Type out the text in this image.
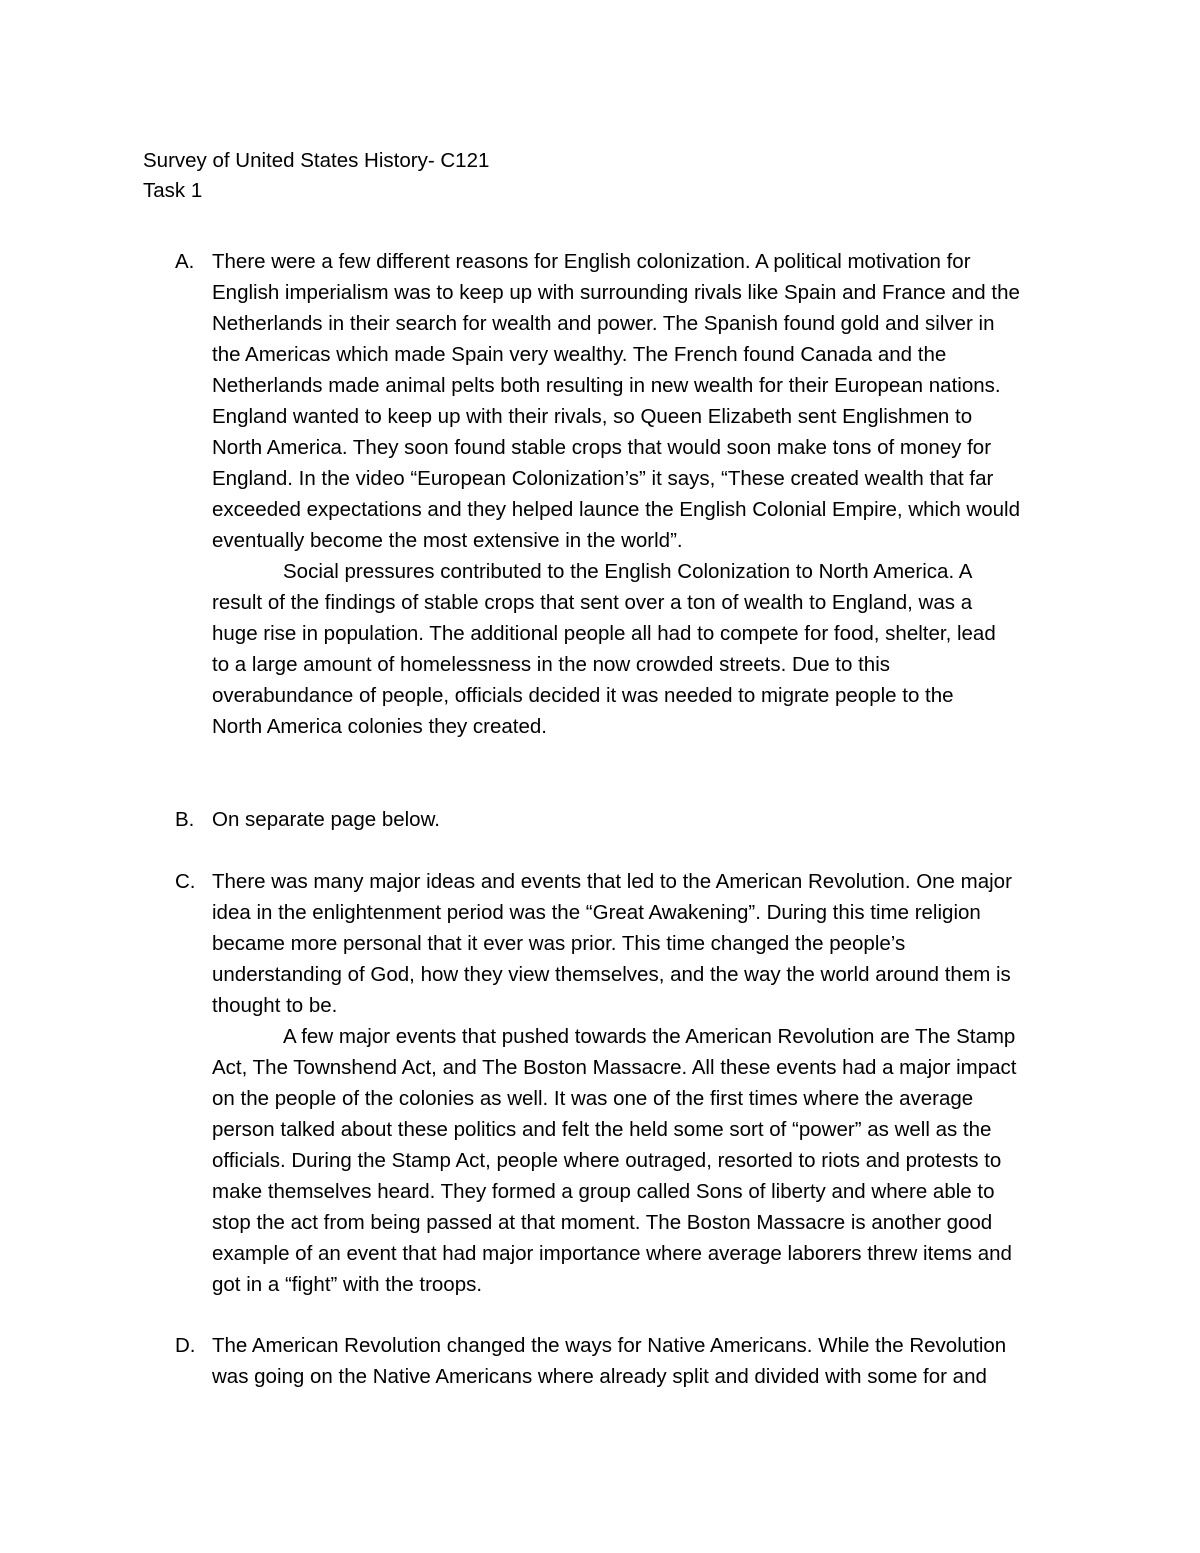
Survey of United States History- C121
Task 1
A. There were a few different reasons for English colonization. A political motivation for
English imperialism was to keep up with surrounding rivals like Spain and France and the
Netherlands in their search for wealth and power. The Spanish found gold and silver in
the Americas which made Spain very wealthy. The French found Canada and the
Netherlands made animal pelts both resulting in new wealth for their European nations.
England wanted to keep up with their rivals, so Queen Elizabeth sent Englishmen to
North America. They soon found stable crops that would soon make tons of money for
England. In the video “European Colonization’s” it says, “These created wealth that far
exceeded expectations and they helped launce the English Colonial Empire, which would
eventually become the most extensive in the world”.
Social pressures contributed to the English Colonization to North America. A
result of the findings of stable crops that sent over a ton of wealth to England, was a
huge rise in population. The additional people all had to compete for food, shelter, lead
to a large amount of homelessness in the now crowded streets. Due to this
overabundance of people, officials decided it was needed to migrate people to the
North America colonies they created.
B. On separate page below.
C. There was many major ideas and events that led to the American Revolution. One major
idea in the enlightenment period was the “Great Awakening”. During this time religion
became more personal that it ever was prior. This time changed the people’s
understanding of God, how they view themselves, and the way the world around them is
thought to be.
A few major events that pushed towards the American Revolution are The Stamp
Act, The Townshend Act, and The Boston Massacre. All these events had a major impact
on the people of the colonies as well. It was one of the first times where the average
person talked about these politics and felt the held some sort of “power” as well as the
officials. During the Stamp Act, people where outraged, resorted to riots and protests to
make themselves heard. They formed a group called Sons of liberty and where able to
stop the act from being passed at that moment. The Boston Massacre is another good
example of an event that had major importance where average laborers threw items and
got in a “fight” with the troops.
D. The American Revolution changed the ways for Native Americans. While the Revolution
was going on the Native Americans where already split and divided with some for and
